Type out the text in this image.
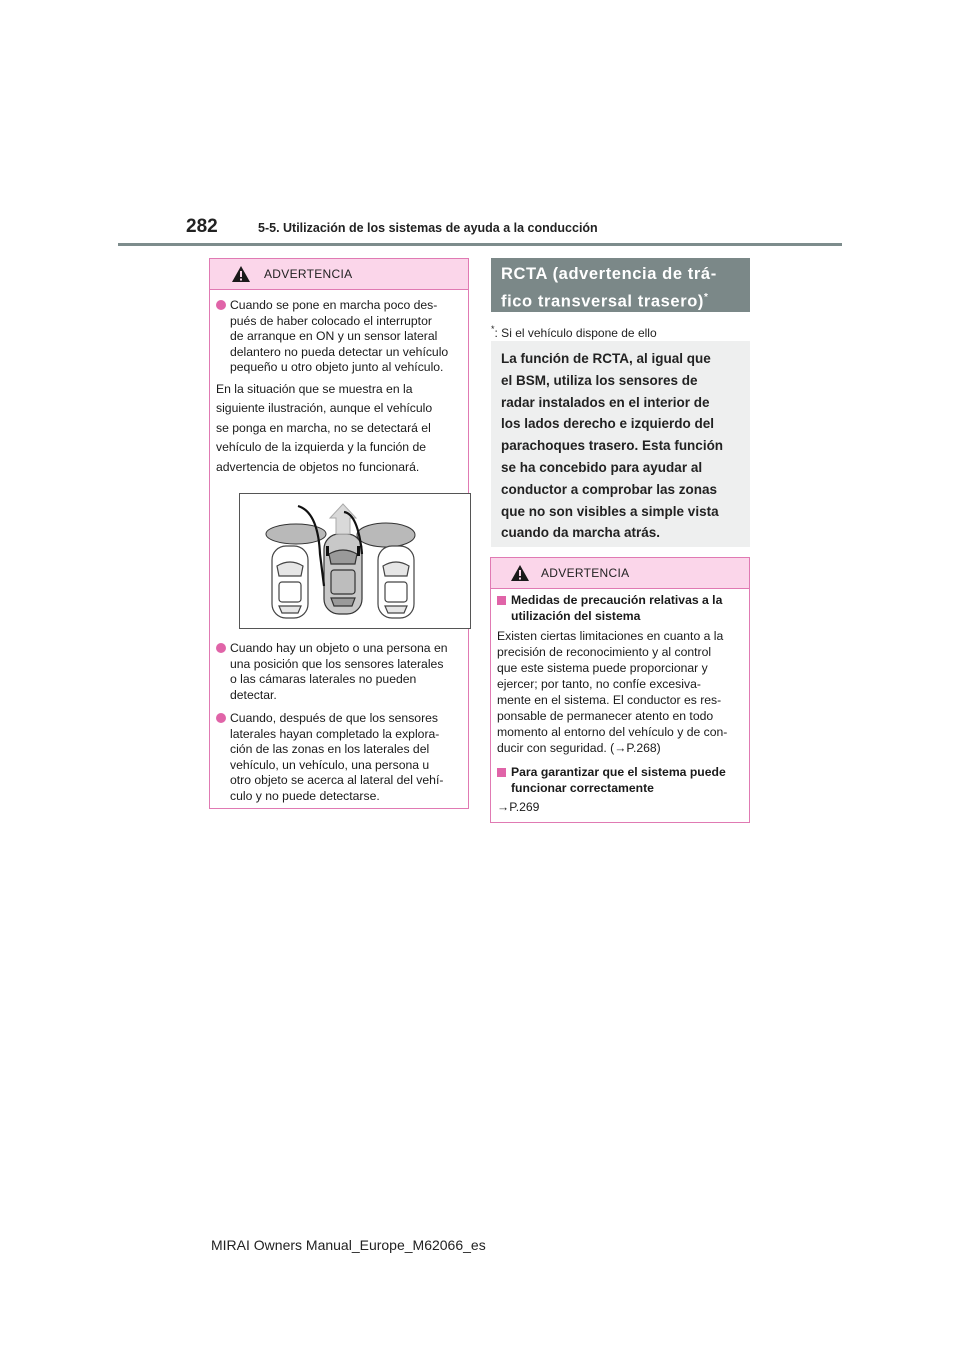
282	5-5. Utilización de los sistemas de ayuda a la conducción
ADVERTENCIA
Cuando se pone en marcha poco des-
pués de haber colocado el interruptor
de arranque en ON y un sensor lateral
delantero no pueda detectar un vehículo
pequeño u otro objeto junto al vehículo.
En la situación que se muestra en la
siguiente ilustración, aunque el vehículo
se ponga en marcha, no se detectará el
vehículo de la izquierda y la función de
advertencia de objetos no funcionará.
Cuando hay un objeto o una persona en
una posición que los sensores laterales
o las cámaras laterales no pueden
detectar.
Cuando, después de que los sensores
laterales hayan completado la explora-
ción de las zonas en los laterales del
vehículo, un vehículo, una persona u
otro objeto se acerca al lateral del vehí-
culo y no puede detectarse.
RCTA (advertencia de trá-
fico transversal trasero)*
*: Si el vehículo dispone de ello
La función de RCTA, al igual que
el BSM, utiliza los sensores de
radar instalados en el interior de
los lados derecho e izquierdo del
parachoques trasero. Esta función
se ha concebido para ayudar al
conductor a comprobar las zonas
que no son visibles a simple vista
cuando da marcha atrás.
ADVERTENCIA
Medidas de precaución relativas a la
utilización del sistema
Existen ciertas limitaciones en cuanto a la
precisión de reconocimiento y al control
que este sistema puede proporcionar y
ejercer; por tanto, no confíe excesiva-
mente en el sistema. El conductor es res-
ponsable de permanecer atento en todo
momento al entorno del vehículo y de con-
ducir con seguridad. (→P.268)
Para garantizar que el sistema puede
funcionar correctamente
→P.269
MIRAI Owners Manual_Europe_M62066_es
